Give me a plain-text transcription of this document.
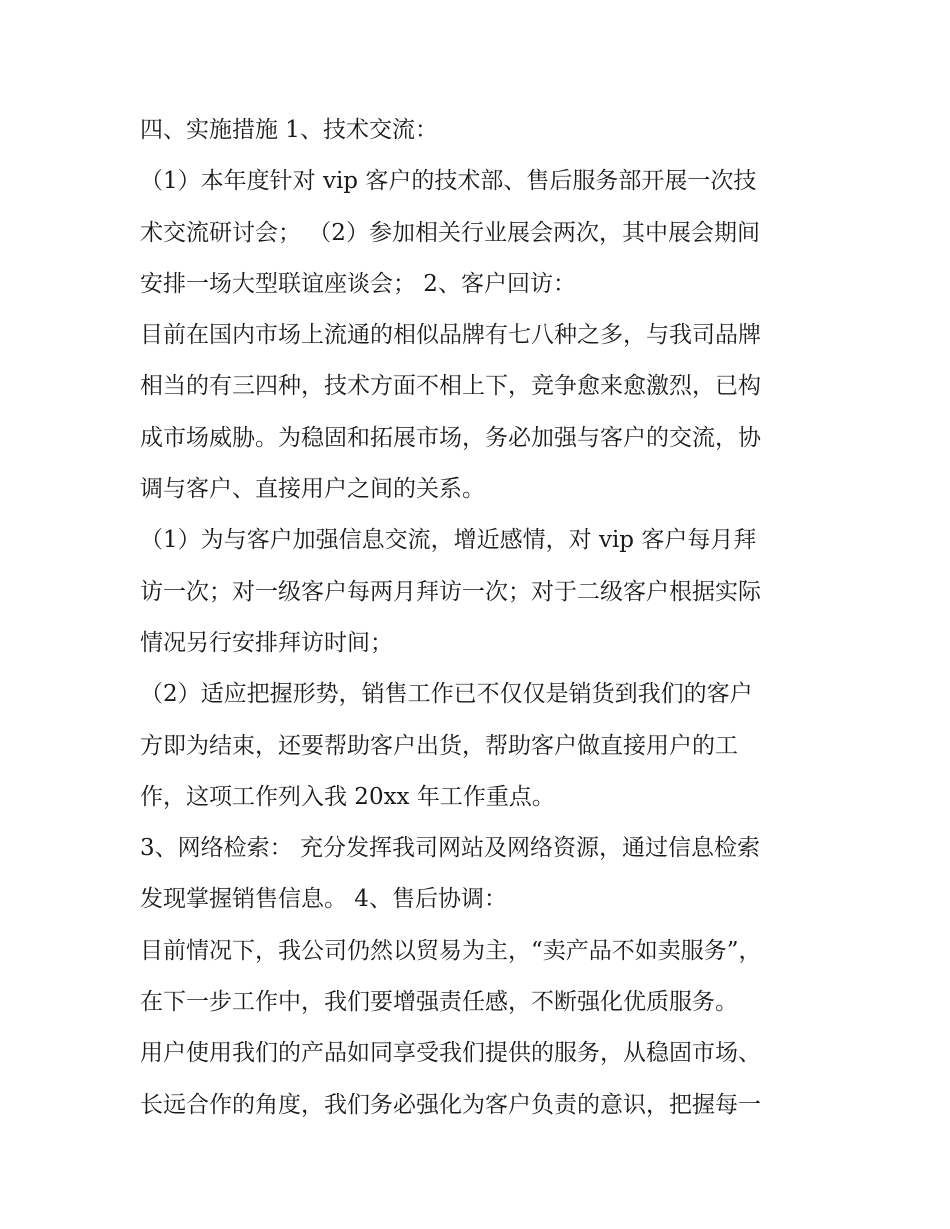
四、实施措施 1、技术交流：
（1）本年度针对 vip 客户的技术部、售后服务部开展一次技
术交流研讨会； （2）参加相关行业展会两次，其中展会期间
安排一场大型联谊座谈会； 2、客户回访：
目前在国内市场上流通的相似品牌有七八种之多，与我司品牌
相当的有三四种，技术方面不相上下，竞争愈来愈激烈，已构
成市场威胁。为稳固和拓展市场，务必加强与客户的交流，协
调与客户、直接用户之间的关系。
（1）为与客户加强信息交流，增近感情，对 vip 客户每月拜
访一次；对一级客户每两月拜访一次；对于二级客户根据实际
情况另行安排拜访时间；
（2）适应把握形势，销售工作已不仅仅是销货到我们的客户
方即为结束，还要帮助客户出货，帮助客户做直接用户的工
作，这项工作列入我 20xx 年工作重点。
3、网络检索： 充分发挥我司网站及网络资源，通过信息检索
发现掌握销售信息。 4、售后协调：
目前情况下，我公司仍然以贸易为主，“卖产品不如卖服务”，
在下一步工作中，我们要增强责任感，不断强化优质服务。
用户使用我们的产品如同享受我们提供的服务，从稳固市场、
长远合作的角度，我们务必强化为客户负责的意识，把握每一
